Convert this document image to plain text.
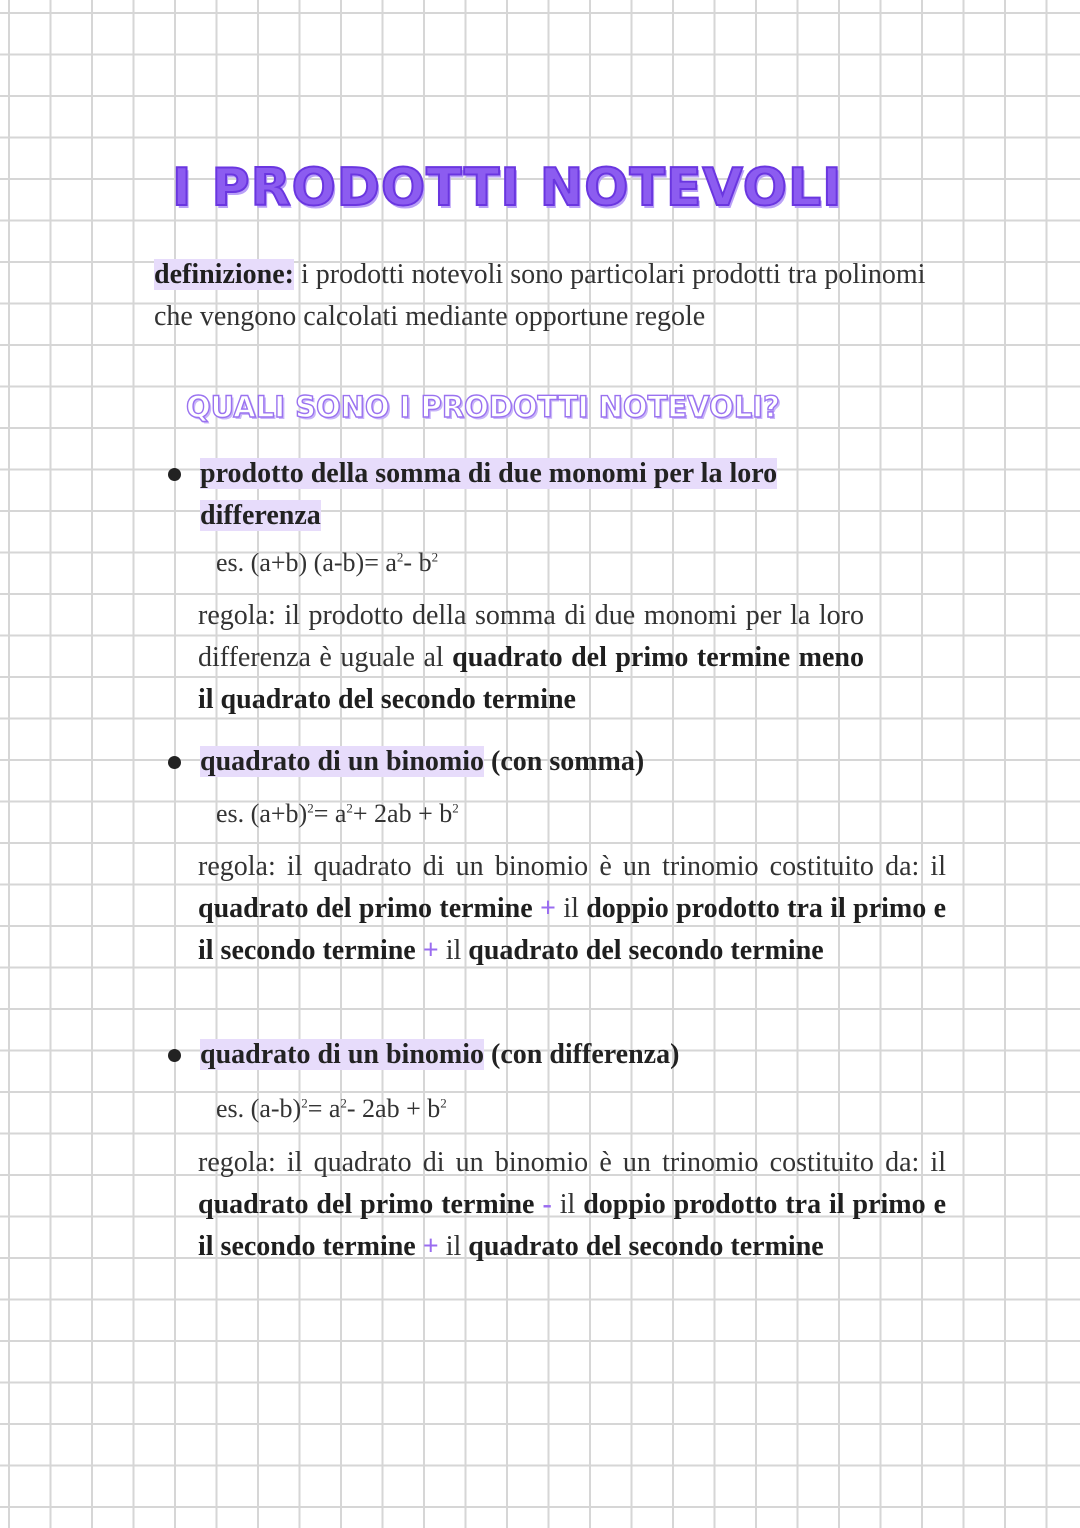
I PRODOTTI NOTEVOLI

definizione: i prodotti notevoli sono particolari prodotti tra polinomi che vengono calcolati mediante opportune regole

QUALI SONO I PRODOTTI NOTEVOLI?
prodotto della somma di due monomi per la loro differenza
es. (a+b) $(a-b)= a^2-$ $b^2$

regola: il prodotto della somma di due monomi per la loro differenza è uguale al quadrato del primo termine meno il quadrato del secondo termine

quadrato di un binomio (con somma)
es. $(a+b)^2= a^2+ 2ab + b^2$

regola: il quadrato di un binomio è un trinomio costituito da: il quadrato del primo termine + il doppio prodotto tra il primo e il secondo termine + il quadrato del secondo termine

quadrato di un binomio (con differenza)
es. $(a-b)^2= a^2-$ $2ab + b^2$

regola: il quadrato di un binomio è un trinomio costituito da: il quadrato del primo termine - il doppio prodotto tra il primo e il secondo termine + il quadrato del secondo termine
